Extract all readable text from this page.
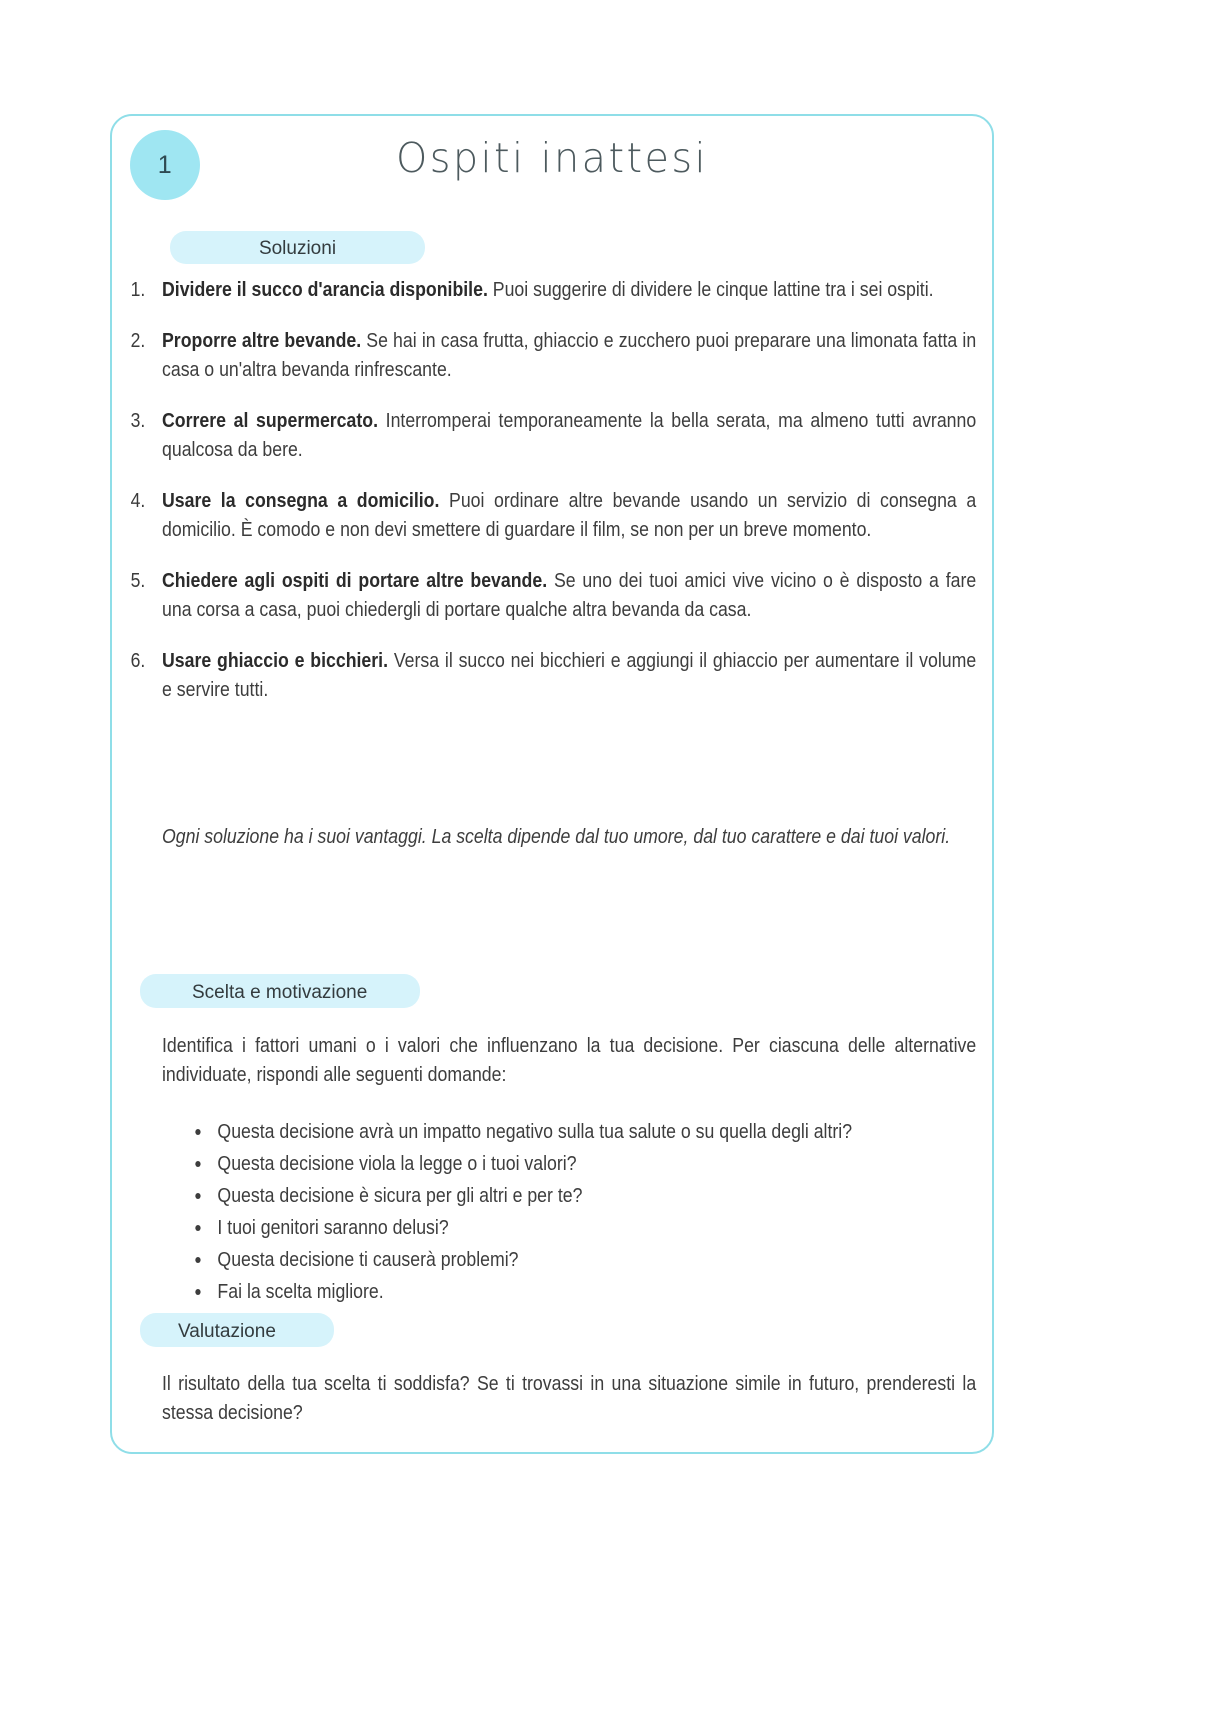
1	Ospiti inattesi
Soluzioni
1. Dividere il succo d'arancia disponibile. Puoi suggerire di dividere le cinque lattine tra i sei ospiti.
2. Proporre altre bevande. Se hai in casa frutta, ghiaccio e zucchero puoi preparare una limonata fatta in casa o un'altra bevanda rinfrescante.
3. Correre al supermercato. Interromperai temporaneamente la bella serata, ma almeno tutti avranno qualcosa da bere.
4. Usare la consegna a domicilio. Puoi ordinare altre bevande usando un servizio di consegna a domicilio. È comodo e non devi smettere di guardare il film, se non per un breve momento.
5. Chiedere agli ospiti di portare altre bevande. Se uno dei tuoi amici vive vicino o è disposto a fare una corsa a casa, puoi chiedergli di portare qualche altra bevanda da casa.
6. Usare ghiaccio e bicchieri. Versa il succo nei bicchieri e aggiungi il ghiaccio per aumentare il volume e servire tutti.
Ogni soluzione ha i suoi vantaggi. La scelta dipende dal tuo umore, dal tuo carattere e dai tuoi valori.
Scelta e motivazione
Identifica i fattori umani o i valori che influenzano la tua decisione. Per ciascuna delle alternative individuate, rispondi alle seguenti domande:
Questa decisione avrà un impatto negativo sulla tua salute o su quella degli altri?
Questa decisione viola la legge o i tuoi valori?
Questa decisione è sicura per gli altri e per te?
I tuoi genitori saranno delusi?
Questa decisione ti causerà problemi?
Fai la scelta migliore.
Valutazione
Il risultato della tua scelta ti soddisfa? Se ti trovassi in una situazione simile in futuro, prenderesti la stessa decisione?
